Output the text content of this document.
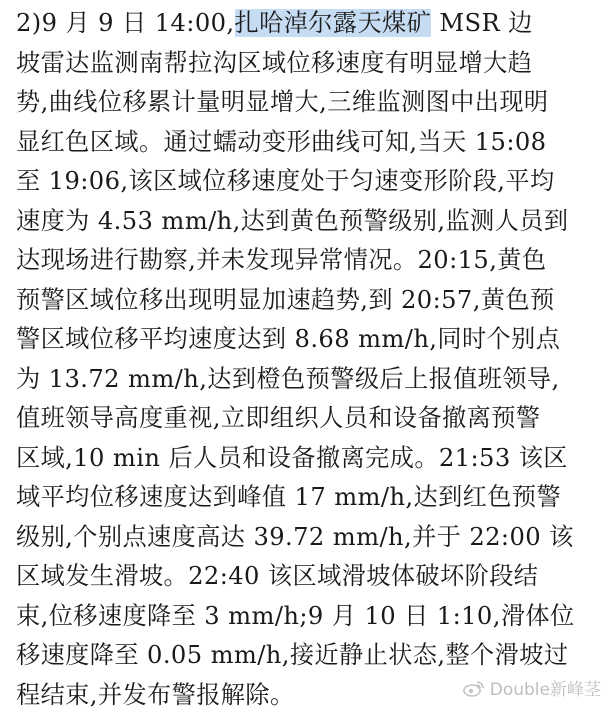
2)9 月 9 日 14:00,扎哈淖尔露天煤矿 MSR 边
坡雷达监测南帮拉沟区域位移速度有明显增大趋
势,曲线位移累计量明显增大,三维监测图中出现明
显红色区域。通过蠕动变形曲线可知,当天 15:08
至 19:06,该区域位移速度处于匀速变形阶段,平均
速度为 4.53 mm/h,达到黄色预警级别,监测人员到
达现场进行勘察,并未发现异常情况。20:15,黄色
预警区域位移出现明显加速趋势,到 20:57,黄色预
警区域位移平均速度达到 8.68 mm/h,同时个别点
为 13.72 mm/h,达到橙色预警级后上报值班领导,
值班领导高度重视,立即组织人员和设备撤离预警
区域,10 min 后人员和设备撤离完成。21:53 该区
域平均位移速度达到峰值 17 mm/h,达到红色预警
级别,个别点速度高达 39.72 mm/h,并于 22:00 该
区域发生滑坡。22:40 该区域滑坡体破坏阶段结
束,位移速度降至 3 mm/h;9 月 10 日 1:10,滑体位
移速度降至 0.05 mm/h,接近静止状态,整个滑坡过
程结束,并发布警报解除。	Double新峰茎
